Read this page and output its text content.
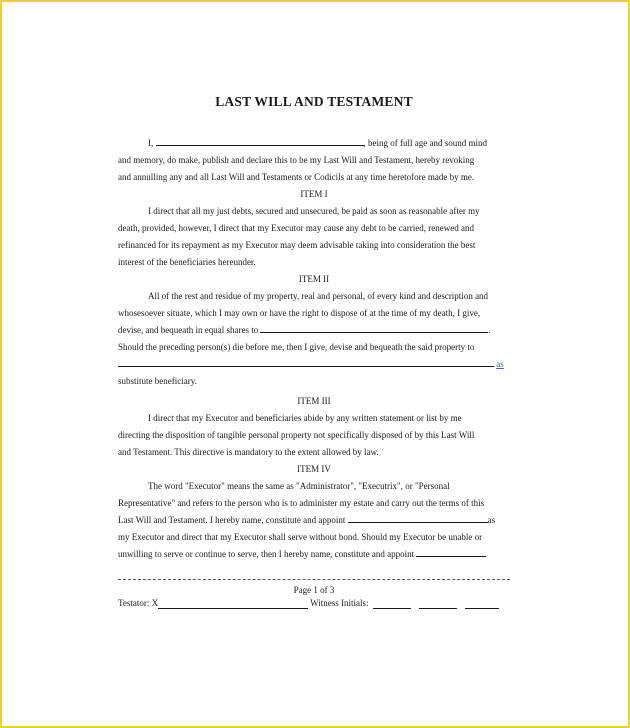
LAST WILL AND TESTAMENT
I,	, being of full age and sound mind
and memory, do make, publish and declare this to be my Last Will and Testament, hereby revoking
and annulling any and all Last Will and Testaments or Codicils at any time heretofore made by me.
ITEM I
I direct that all my just debts, secured and unsecured, be paid as soon as reasonable after my
death, provided, however, I direct that my Executor may cause any debt to be carried, renewed and
refinanced for its repayment as my Executor may deem advisable taking into consideration the best
interest of the beneficiaries hereunder.
ITEM II
All of the rest and residue of my property, real and personal, of every kind and description and
whosesoever situate, which I may own or have the right to dispose of at the time of my death, I give,
devise, and bequeath in equal shares to	.
Should the preceding person(s) die before me, then I give, devise and bequeath the said property to
as
substitute beneficiary.
ITEM III
I direct that my Executor and beneficiaries abide by any written statement or list by me
directing the disposition of tangible personal property not specifically disposed of by this Last Will
and Testament. This directive is mandatory to the extent allowed by law.
ITEM IV
The word "Executor" means the same as "Administrator", "Executrix", or "Personal
Representative" and refers to the person who is to administer my estate and carry out the terms of this
Last Will and Testament. I hereby name, constitute and appoint	as
my Executor and direct that my Executor shall serve without bond. Should my Executor be unable or
unwilling to serve or continue to serve, then I hereby name, constitute and appoint
Page 1 of 3
Testator: X	Witness Initials:
